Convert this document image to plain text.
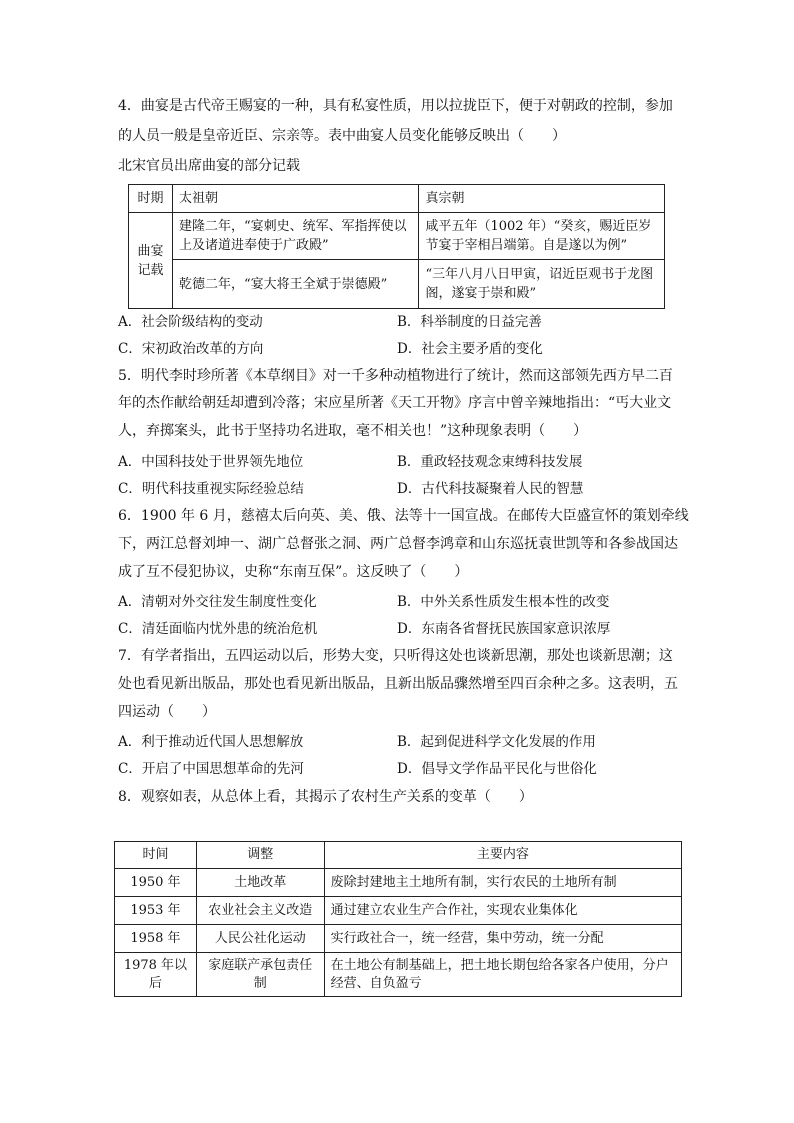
4．曲宴是古代帝王赐宴的一种，具有私宴性质，用以拉拢臣下，便于对朝政的控制，参加
的人员一般是皇帝近臣、宗亲等。表中曲宴人员变化能够反映出（　　）
北宋官员出席曲宴的部分记载
时期	太祖朝	真宗朝
曲宴记载	建隆二年，“宴刺史、统军、军指挥使以上及诸道进奉使于广政殿”	咸平五年（1002 年）“癸亥，赐近臣岁节宴于宰相吕端第。自是遂以为例”
	乾德二年，“宴大将王全斌于崇德殿”	“三年八月八日甲寅，诏近臣观书于龙图阁，遂宴于崇和殿”
A．社会阶级结构的变动	B．科举制度的日益完善
C．宋初政治改革的方向	D．社会主要矛盾的变化
5．明代李时珍所著《本草纲目》对一千多种动植物进行了统计，然而这部领先西方早二百
年的杰作献给朝廷却遭到冷落；宋应星所著《天工开物》序言中曾辛辣地指出：“丐大业文
人，弃掷案头，此书于坚持功名进取，毫不相关也！”这种现象表明（　　）
A．中国科技处于世界领先地位	B．重政轻技观念束缚科技发展
C．明代科技重视实际经验总结	D．古代科技凝聚着人民的智慧
6．1900 年 6 月，慈禧太后向英、美、俄、法等十一国宣战。在邮传大臣盛宣怀的策划牵线
下，两江总督刘坤一、湖广总督张之洞、两广总督李鸿章和山东巡抚袁世凯等和各参战国达
成了互不侵犯协议，史称“东南互保”。这反映了（　　）
A．清朝对外交往发生制度性变化	B．中外关系性质发生根本性的改变
C．清廷面临内忧外患的统治危机	D．东南各省督抚民族国家意识浓厚
7．有学者指出，五四运动以后，形势大变，只听得这处也谈新思潮，那处也谈新思潮；这
处也看见新出版品，那处也看见新出版品，且新出版品骤然增至四百余种之多。这表明，五
四运动（　　）
A．利于推动近代国人思想解放	B．起到促进科学文化发展的作用
C．开启了中国思想革命的先河	D．倡导文学作品平民化与世俗化
8．观察如表，从总体上看，其揭示了农村生产关系的变革（　　）
时间	调整	主要内容
1950 年	土地改革	废除封建地主土地所有制，实行农民的土地所有制
1953 年	农业社会主义改造	通过建立农业生产合作社，实现农业集体化
1958 年	人民公社化运动	实行政社合一，统一经营，集中劳动，统一分配
1978 年以后	家庭联产承包责任制	在土地公有制基础上，把土地长期包给各家各户使用，分户经营、自负盈亏
